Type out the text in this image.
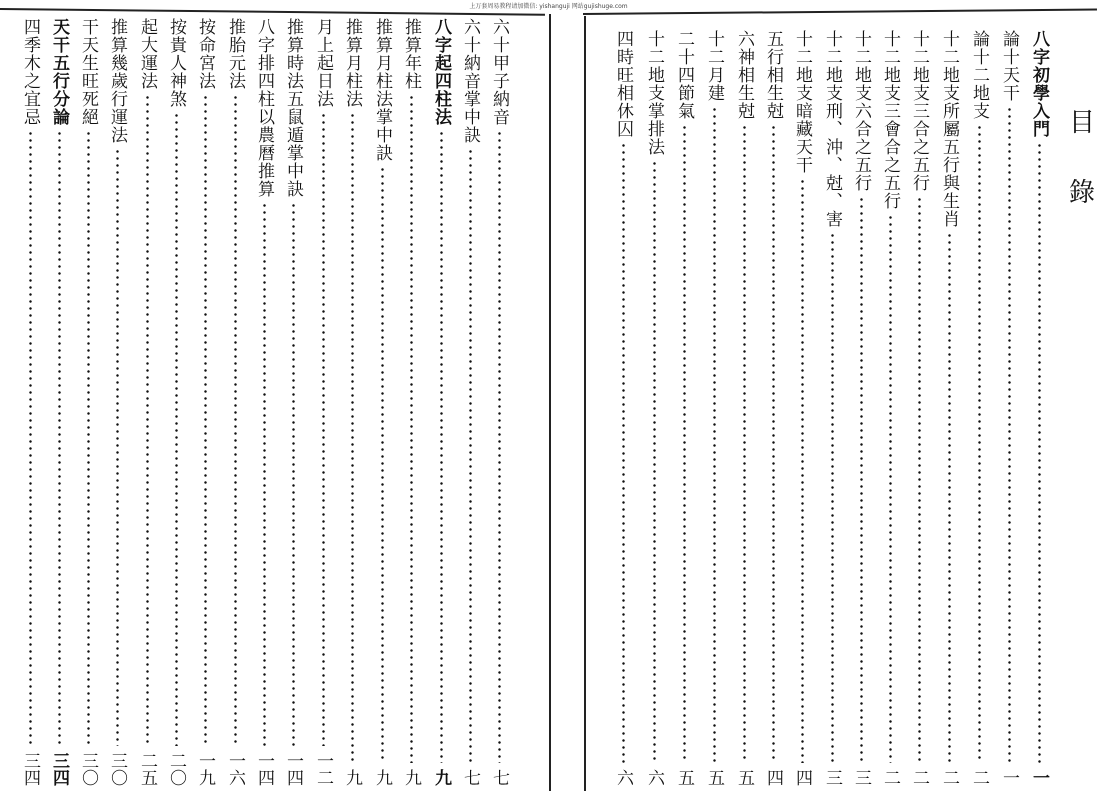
上万套周易教程请加微信: yishanguji 网站gujishuge.com
目
錄
八字初學入門
一
論十天干
一
論十二地支
二
十二地支所屬五行與生肖
二
十二地支三合之五行
二
十二地支三會合之五行
二
十二地支六合之五行
三
十二地支刑、沖、尅、害
三
十二地支暗藏天干
四
五行相生尅
四
六神相生尅
五
十二月建
五
二十四節氣
五
十二地支掌排法
六
四時旺相休囚
六
六十甲子納音
七
六十納音掌中訣
七
八字起四柱法
九
推算年柱
九
推算月柱法掌中訣
九
推算月柱法
九
月上起日法
一二
推算時法五鼠遁掌中訣
一四
八字排四柱以農曆推算
一四
推胎元法
一六
按命宮法
一九
按貴人神煞
二〇
起大運法
二五
推算幾歲行運法
三〇
干天生旺死絕
三〇
天干五行分論
三四
四季木之宜忌
三四
